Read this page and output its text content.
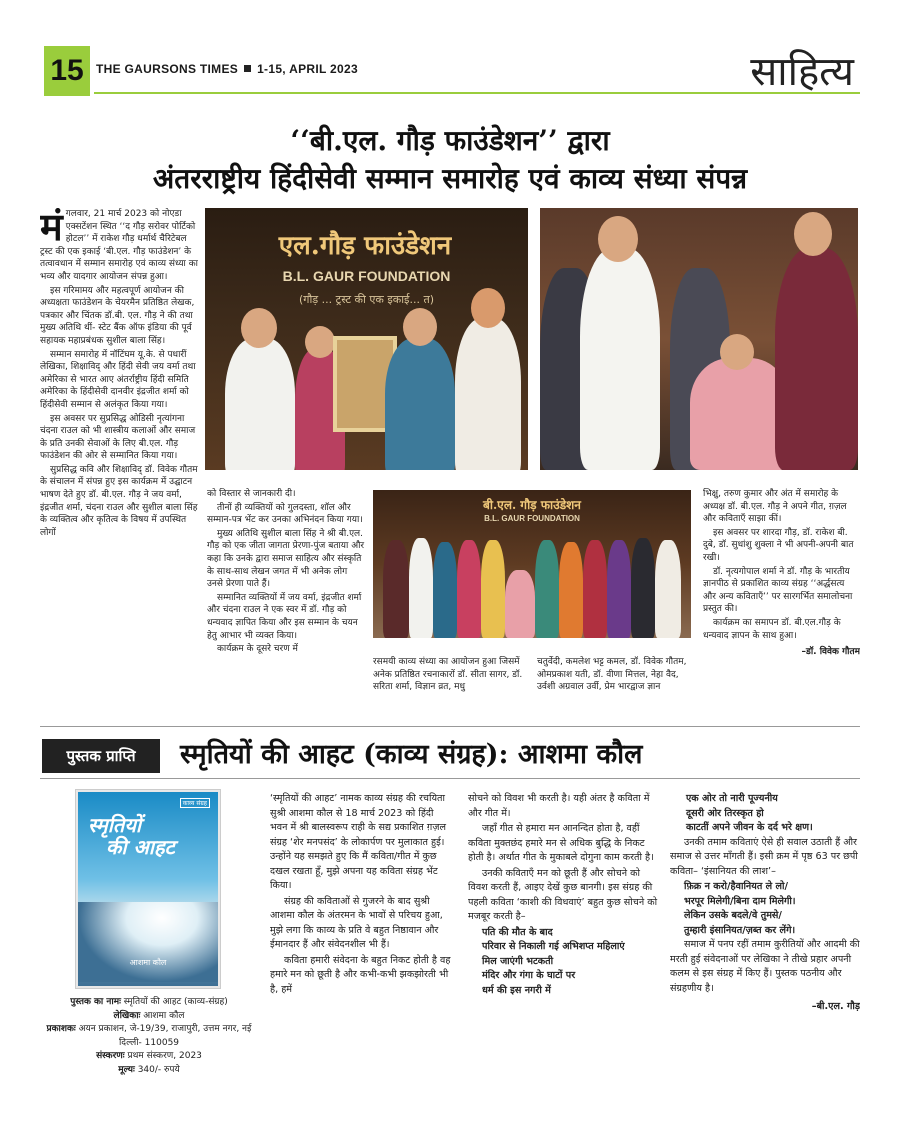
15 THE GAURSONS TIMES 1-15, APRIL 2023	साहित्य
‘‘बी.एल. गौड़ फाउंडेशन’’ द्वारा
अंतरराष्ट्रीय हिंदीसेवी सम्मान समारोह एवं काव्य संध्या संपन्न

मंगलवार, 21 मार्च 2023 को नोएडा एक्सटेंशन स्थित ‘‘द गौड़ सरोवर पोर्टिको होटल’’ में राकेश गौड़ धर्मार्थ चैरिटेबल ट्रस्ट की एक इकाई ‘बी.एल. गौड़ फाउंडेशन’ के तत्वावधान में सम्मान समारोह एवं काव्य संध्या का भव्य और यादगार आयोजन संपन्न हुआ।

इस गरिमामय और महत्वपूर्ण आयोजन की अध्यक्षता फाउंडेशन के चेयरमैन प्रतिष्ठित लेखक, पत्रकार और चिंतक डॉ.बी. एल. गौड़ ने की तथा मुख्य अतिथि थीं- स्टेट बैंक ऑफ इंडिया की पूर्व सहायक महाप्रबंधक सुशील बाला सिंह।

सम्मान समारोह में नॉटिंघम यू.के. से पधारीं लेखिका, शिक्षाविद् और हिंदी सेवी जय वर्मा तथा अमेरिका से भारत आए अंतर्राष्ट्रीय हिंदी समिति अमेरिका के हिंदीसेवी दानवीर इंद्रजीत शर्मा को हिंदीसेवी सम्मान से अलंकृत किया गया।

इस अवसर पर सुप्रसिद्ध ओडिसी नृत्यांगना चंदना राउल को भी शास्त्रीय कलाओं और समाज के प्रति उनकी सेवाओं के लिए बी.एल. गौड़ फाउंडेशन की ओर से सम्मानित किया गया।

सुप्रसिद्ध कवि और शिक्षाविद् डॉ. विवेक गौतम के संचालन में संपन्न हुए इस कार्यक्रम में उद्घाटन भाषण देते हुए डॉ. बी.एल. गौड़ ने जय वर्मा, इंद्रजीत शर्मा, चंदना राउल और सुशील बाला सिंह के व्यक्तित्व और कृतित्व के विषय में उपस्थित लोगों

एल.गौड़ फाउंडेशन
B.L. GAUR FOUNDATION
(गौड़ ... ट्रस्ट की एक इकाई... त)

को विस्तार से जानकारी दी।

तीनों ही व्यक्तियों को गुलदस्ता, शॉल और सम्मान-पत्र भेंट कर उनका अभिनंदन किया गया।

मुख्य अतिथि सुशील बाला सिंह ने श्री बी.एल. गौड़ को एक जीता जागता प्रेरणा-पुंज बताया और कहा कि उनके द्वारा समाज साहित्य और संस्कृति के साथ-साथ लेखन जगत में भी अनेक लोग उनसे प्रेरणा पाते हैं।

सम्मानित व्यक्तियों में जय वर्मा, इंद्रजीत शर्मा और चंदना राउल ने एक स्वर में डॉ. गौड़ को धन्यवाद ज्ञापित किया और इस सम्मान के चयन हेतु आभार भी व्यक्त किया।

कार्यक्रम के दूसरे चरण में

बी.एल. गौड़ फाउंडेशन
B.L. GAUR FOUNDATION

रसमयी काव्य संध्या का आयोजन हुआ जिसमें अनेक प्रतिष्ठित रचनाकारों डॉ. सीता सागर, डॉ. सरिता शर्मा, विज्ञान व्रत, मधु

चतुर्वेदी, कमलेश भट्ट कमल, डॉ. विवेक गौतम, ओमप्रकाश यती, डॉ. वीणा मित्तल, नेहा वैद, उर्वशी अग्रवाल उर्वी, प्रेम भारद्वाज ज्ञान

भिक्षु, तरुण कुमार और अंत में समारोह के अध्यक्ष डॉ. बी.एल. गौड़ ने अपने गीत, ग़ज़ल और कविताएँ साझा कीं।

इस अवसर पर शारदा गौड़, डॉ. राकेश बी. दुबे, डॉ. सुधांशु शुक्ला ने भी अपनी-अपनी बात रखी।

डॉ. नृत्यगोपाल शर्मा ने डॉ. गौड़ के भारतीय ज्ञानपीठ से प्रकाशित काव्य संग्रह ‘‘अर्द्धसत्य और अन्य कविताएँ’’ पर सारगर्भित समालोचना प्रस्तुत की।

कार्यक्रम का समापन डॉ. बी.एल.गौड़ के धन्यवाद ज्ञापन के साथ हुआ।

–डॉ. विवेक गौतम
पुस्तक प्राप्ति	स्मृतियों की आहट (काव्य संग्रह): आशमा कौल
काव्य संग्रह
स्मृतियों
की आहट
आशमा कौल
पुस्तक का नामः स्मृतियों की आहट (काव्य-संग्रह)
लेखिकाः आशमा कौल
प्रकाशकः अयन प्रकाशन, जे-19/39, राजापुरी, उत्तम नगर, नई दिल्ली- 110059
संस्करणः प्रथम संस्करण, 2023
मूल्यः 340/- रुपये

‘स्मृतियों की आहट’ नामक काव्य संग्रह की रचयिता सुश्री आशमा कौल से 18 मार्च 2023 को हिंदी भवन में श्री बालस्वरूप राही के सद्य प्रकाशित ग़ज़ल संग्रह ‘शेर मनपसंद’ के लोकार्पण पर मुलाकात हुई। उन्होंने यह समझते हुए कि मैं कविता/गीत में कुछ दखल रखता हूँ, मुझे अपना यह कविता संग्रह भेंट किया।

संग्रह की कविताओं से गुजरने के बाद सुश्री आशमा कौल के अंतरमन के भावों से परिचय हुआ, मुझे लगा कि काव्य के प्रति वे बहुत निष्ठावान और ईमानदार हैं और संवेदनशील भी हैं।

कविता हमारी संवेदना के बहुत निकट होती है वह हमारे मन को छूती है और कभी-कभी झकझोरती भी है, हमें

सोचने को विवश भी करती है। यही अंतर है कविता में और गीत में।

जहाँ गीत से हमारा मन आनन्दित होता है, वहीं कविता मुक्तछंद हमारे मन से अधिक बुद्धि के निकट होती है। अर्थात गीत के मुकाबले दोगुना काम करती है।

उनकी कविताएँ मन को छूती हैं और सोचने को विवश करती हैं, आइए देखें कुछ बानगी। इस संग्रह की पहली कविता ‘काशी की विधवाएं’ बहुत कुछ सोचने को मजबूर करती है–

पति की मौत के बाद
परिवार से निकाली गई अभिशप्त महिलाएं
मिल जाएंगी भटकती
मंदिर और गंगा के घाटों पर
धर्म की इस नगरी में
एक ओर तो नारी पूज्यनीय
दूसरी ओर तिरस्कृत हो
काटतीं अपने जीवन के दर्द भरे क्षण।

उनकी तमाम कविताएं ऐसे ही सवाल उठाती हैं और समाज से उत्तर माँगती हैं। इसी क्रम में पृष्ठ 63 पर छपी कविता– ‘इंसानियत की लाश’–

फ़िक्र न करो/हैवानियत ले लो/
भरपूर मिलेगी/बिना दाम मिलेगी।
लेकिन उसके बदले/वे तुमसे/
तुम्हारी इंसानियत/ज़ब्त कर लेंगे।

समाज में पनप रहीं तमाम कुरीतियों और आदमी की मरती हुई संवेदनाओं पर लेखिका ने तीखे प्रहार अपनी कलम से इस संग्रह में किए हैं। पुस्तक पठनीय और संग्रहणीय है।

–बी.एल. गौड़
